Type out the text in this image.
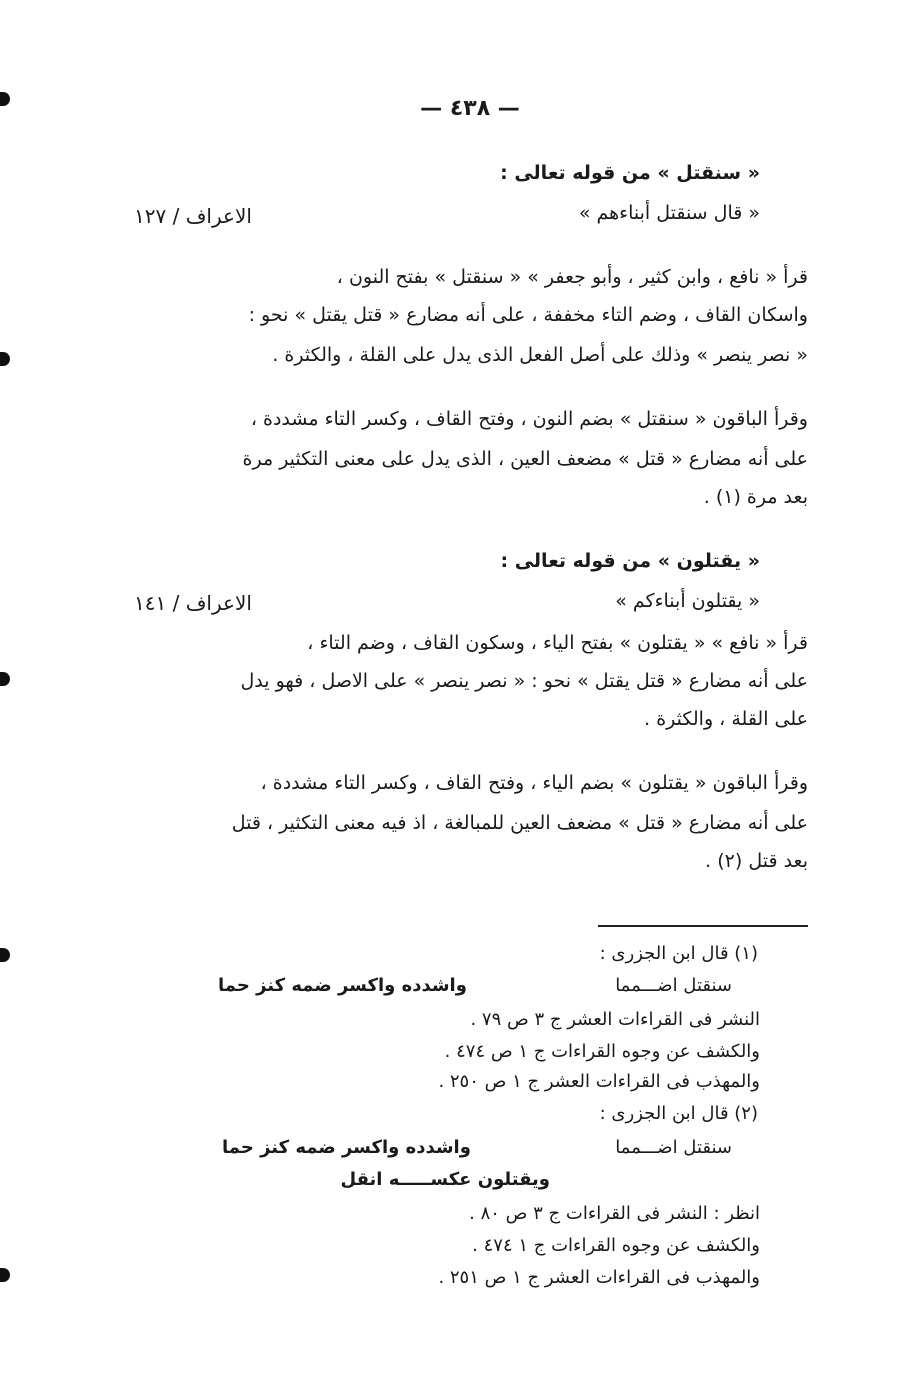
— ٤٣٨ —
« سنقتل » من قوله تعالى :
« قال سنقتل أبناءهم »
الاعراف / ١٢٧
قرأ « نافع ، وابن كثير ، وأبو جعفر » « سنقتل » بفتح النون ،
واسكان القاف ، وضم التاء مخففة ، على أنه مضارع « قتل يقتل » نحو :
« نصر ينصر » وذلك على أصل الفعل الذى يدل على القلة ، والكثرة .
وقرأ الباقون « سنقتل » بضم النون ، وفتح القاف ، وكسر التاء مشددة ،
على أنه مضارع « قتل » مضعف العين ، الذى يدل على معنى التكثير مرة
بعد مرة (١) .
« يقتلون » من قوله تعالى :
« يقتلون أبناءكم »
الاعراف / ١٤١
قرأ « نافع » « يقتلون » بفتح الياء ، وسكون القاف ، وضم التاء ،
على أنه مضارع « قتل يقتل » نحو : « نصر ينصر » على الاصل ، فهو يدل
على القلة ، والكثرة .
وقرأ الباقون « يقتلون » بضم الياء ، وفتح القاف ، وكسر التاء مشددة ،
على أنه مضارع « قتل » مضعف العين للمبالغة ، اذ فيه معنى التكثير ، قتل
بعد قتل (٢) .
(١) قال ابن الجزرى :
سنقتل اضـــمما
واشدده واكسر ضمه كنز حما
النشر فى القراءات العشر ج ٣ ص ٧٩ .
والكشف عن وجوه القراءات ج ١ ص ٤٧٤ .
والمهذب فى القراءات العشر ج ١ ص ٢٥٠ .
(٢) قال ابن الجزرى :
سنقتل اضـــمما
واشدده واكسر ضمه كنز حما
ويقتلون عكســـــه انقل
انظر : النشر فى القراءات ج ٣ ص ٨٠ .
والكشف عن وجوه القراءات ج ١ ٤٧٤ .
والمهذب فى القراءات العشر ج ١ ص ٢٥١ .
